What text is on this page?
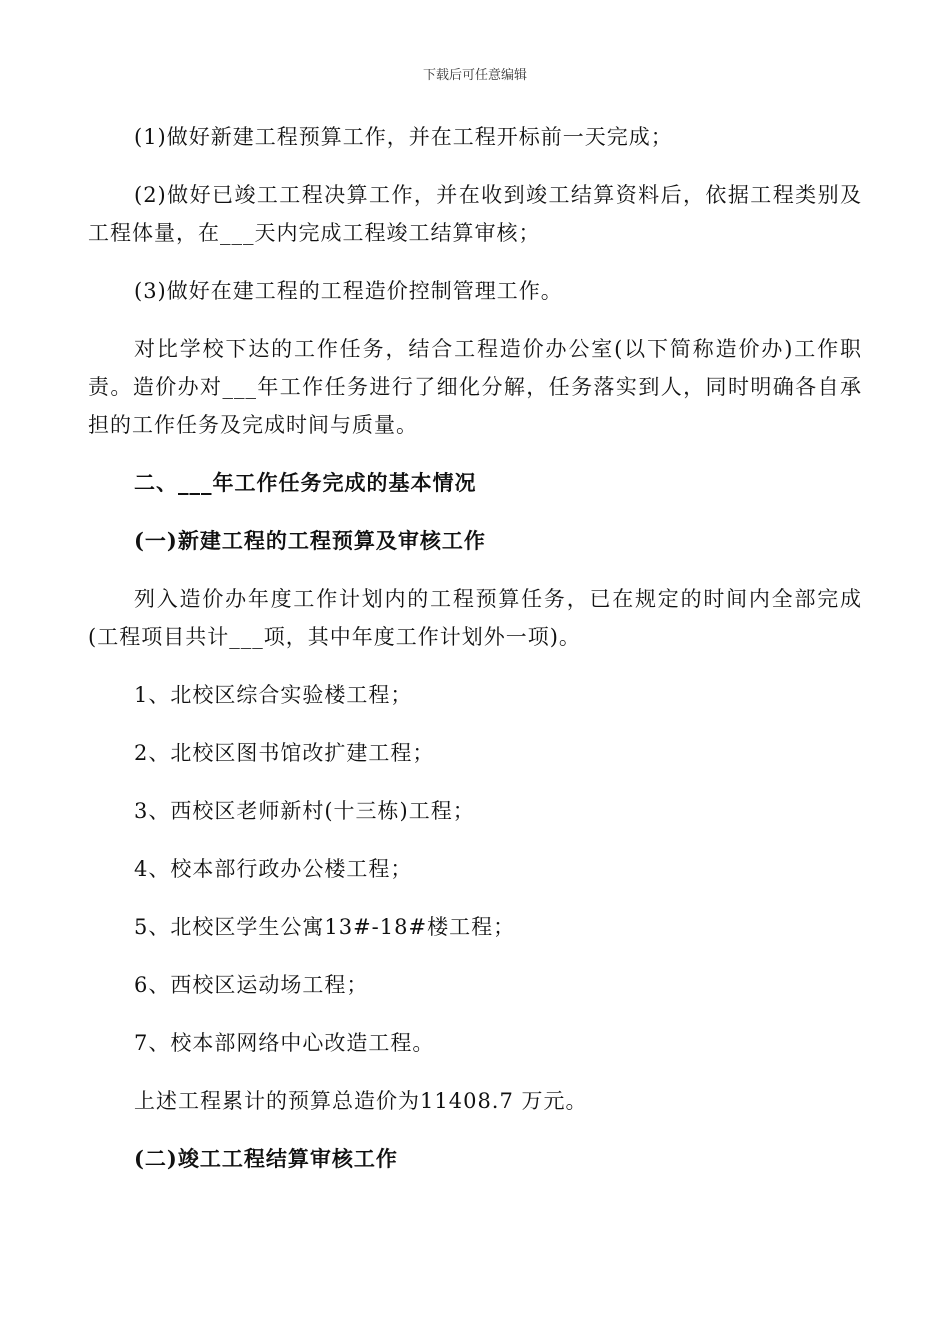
下载后可任意编辑

(1)做好新建工程预算工作，并在工程开标前一天完成；

(2)做好已竣工工程决算工作，并在收到竣工结算资料后，依据工程类别及工程体量，在___天内完成工程竣工结算审核；

(3)做好在建工程的工程造价控制管理工作。

对比学校下达的工作任务，结合工程造价办公室(以下简称造价办)工作职责。造价办对___年工作任务进行了细化分解，任务落实到人，同时明确各自承担的工作任务及完成时间与质量。

二、___年工作任务完成的基本情况

(一)新建工程的工程预算及审核工作

列入造价办年度工作计划内的工程预算任务，已在规定的时间内全部完成(工程项目共计___项，其中年度工作计划外一项)。

1、北校区综合实验楼工程；

2、北校区图书馆改扩建工程；

3、西校区老师新村(十三栋)工程；

4、校本部行政办公楼工程；

5、北校区学生公寓13#-18#楼工程；

6、西校区运动场工程；

7、校本部网络中心改造工程。

上述工程累计的预算总造价为11408.7 万元。

(二)竣工工程结算审核工作
